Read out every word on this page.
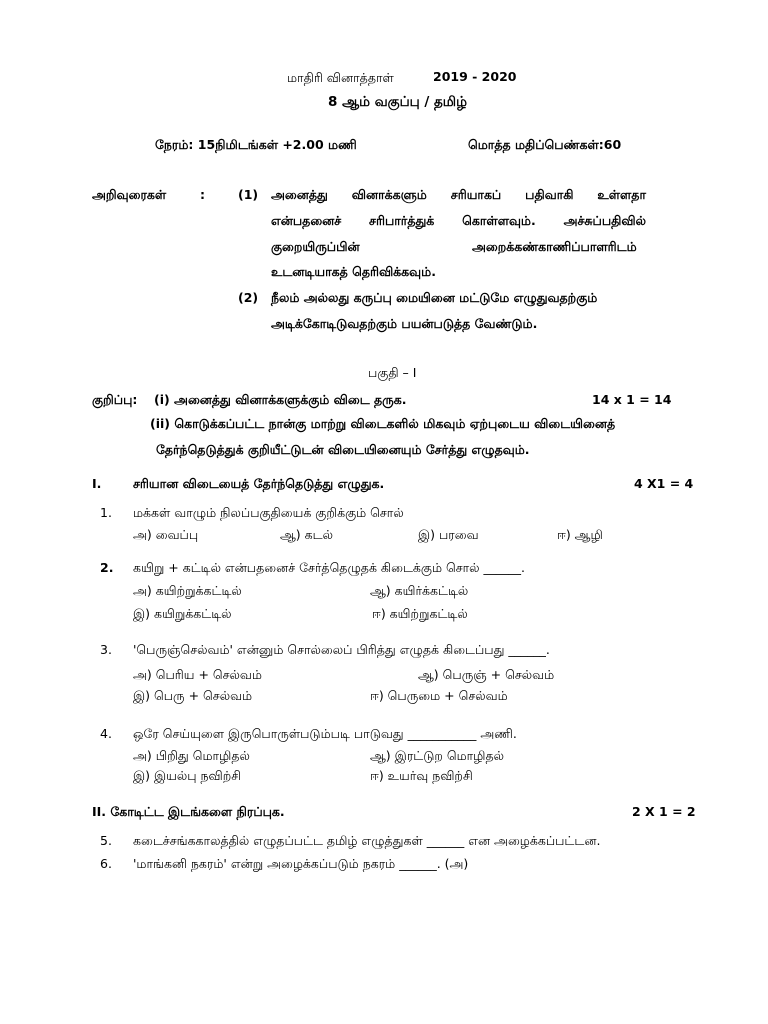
மாதிரி வினாத்தாள்	2019 - 2020
8 ஆம் வகுப்பு / தமிழ்
நேரம்: 15நிமிடங்கள் +2.00 மணி	மொத்த மதிப்பெண்கள்:60
அறிவுரைகள்	:	(1) அனைத்து வினாக்களும் சரியாகப் பதிவாகி உள்ளதா
என்பதனைச் சரிபார்த்துக் கொள்ளவும். அச்சுப்பதிவில்
குறையிருப்பின்	அறைக்கண்காணிப்பாளரிடம்
உடனடியாகத் தெரிவிக்கவும்.
(2) நீலம் அல்லது கருப்பு மையினை மட்டுமே எழுதுவதற்கும்
அடிக்கோடிடுவதற்கும் பயன்படுத்த வேண்டும்.
பகுதி – I
குறிப்பு: (i) அனைத்து வினாக்களுக்கும் விடை தருக.	14 x 1 = 14
(ii) கொடுக்கப்பட்ட நான்கு மாற்று விடைகளில் மிகவும் ஏற்புடைய விடையினைத்
தேர்ந்தெடுத்துக் குறியீட்டுடன் விடையினையும் சேர்த்து எழுதவும்.
I.	சரியான விடையைத் தேர்ந்தெடுத்து எழுதுக.	4 X1 = 4
1. மக்கள் வாழும் நிலப்பகுதியைக் குறிக்கும் சொல்
அ) வைப்பு	ஆ) கடல்	இ) பரவை	ஈ) ஆழி
2. கயிறு + கட்டில் என்பதனைச் சேர்த்தெழுதக் கிடைக்கும் சொல் ______.
அ) கயிற்றுக்கட்டில்	ஆ) கயிர்க்கட்டில்
இ) கயிறுக்கட்டில்	ஈ) கயிற்றுகட்டில்
3. 'பெருஞ்செல்வம்' என்னும் சொல்லைப் பிரித்து எழுதக் கிடைப்பது ______.
அ) பெரிய + செல்வம்	ஆ) பெருஞ் + செல்வம்
இ) பெரு + செல்வம்	ஈ) பெருமை + செல்வம்
4. ஒரே செய்யுளை இருபொருள்படும்படி பாடுவது ___________ அணி.
அ) பிறிது மொழிதல்	ஆ) இரட்டுற மொழிதல்
இ) இயல்பு நவிற்சி	ஈ) உயர்வு நவிற்சி
II. கோடிட்ட இடங்களை நிரப்புக.	2 X 1 = 2
5. கடைச்சங்ககாலத்தில் எழுதப்பட்ட தமிழ் எழுத்துகள் ______ என அழைக்கப்பட்டன.
6. 'மாங்கனி நகரம்' என்று அழைக்கப்படும் நகரம் ______. (அ)
